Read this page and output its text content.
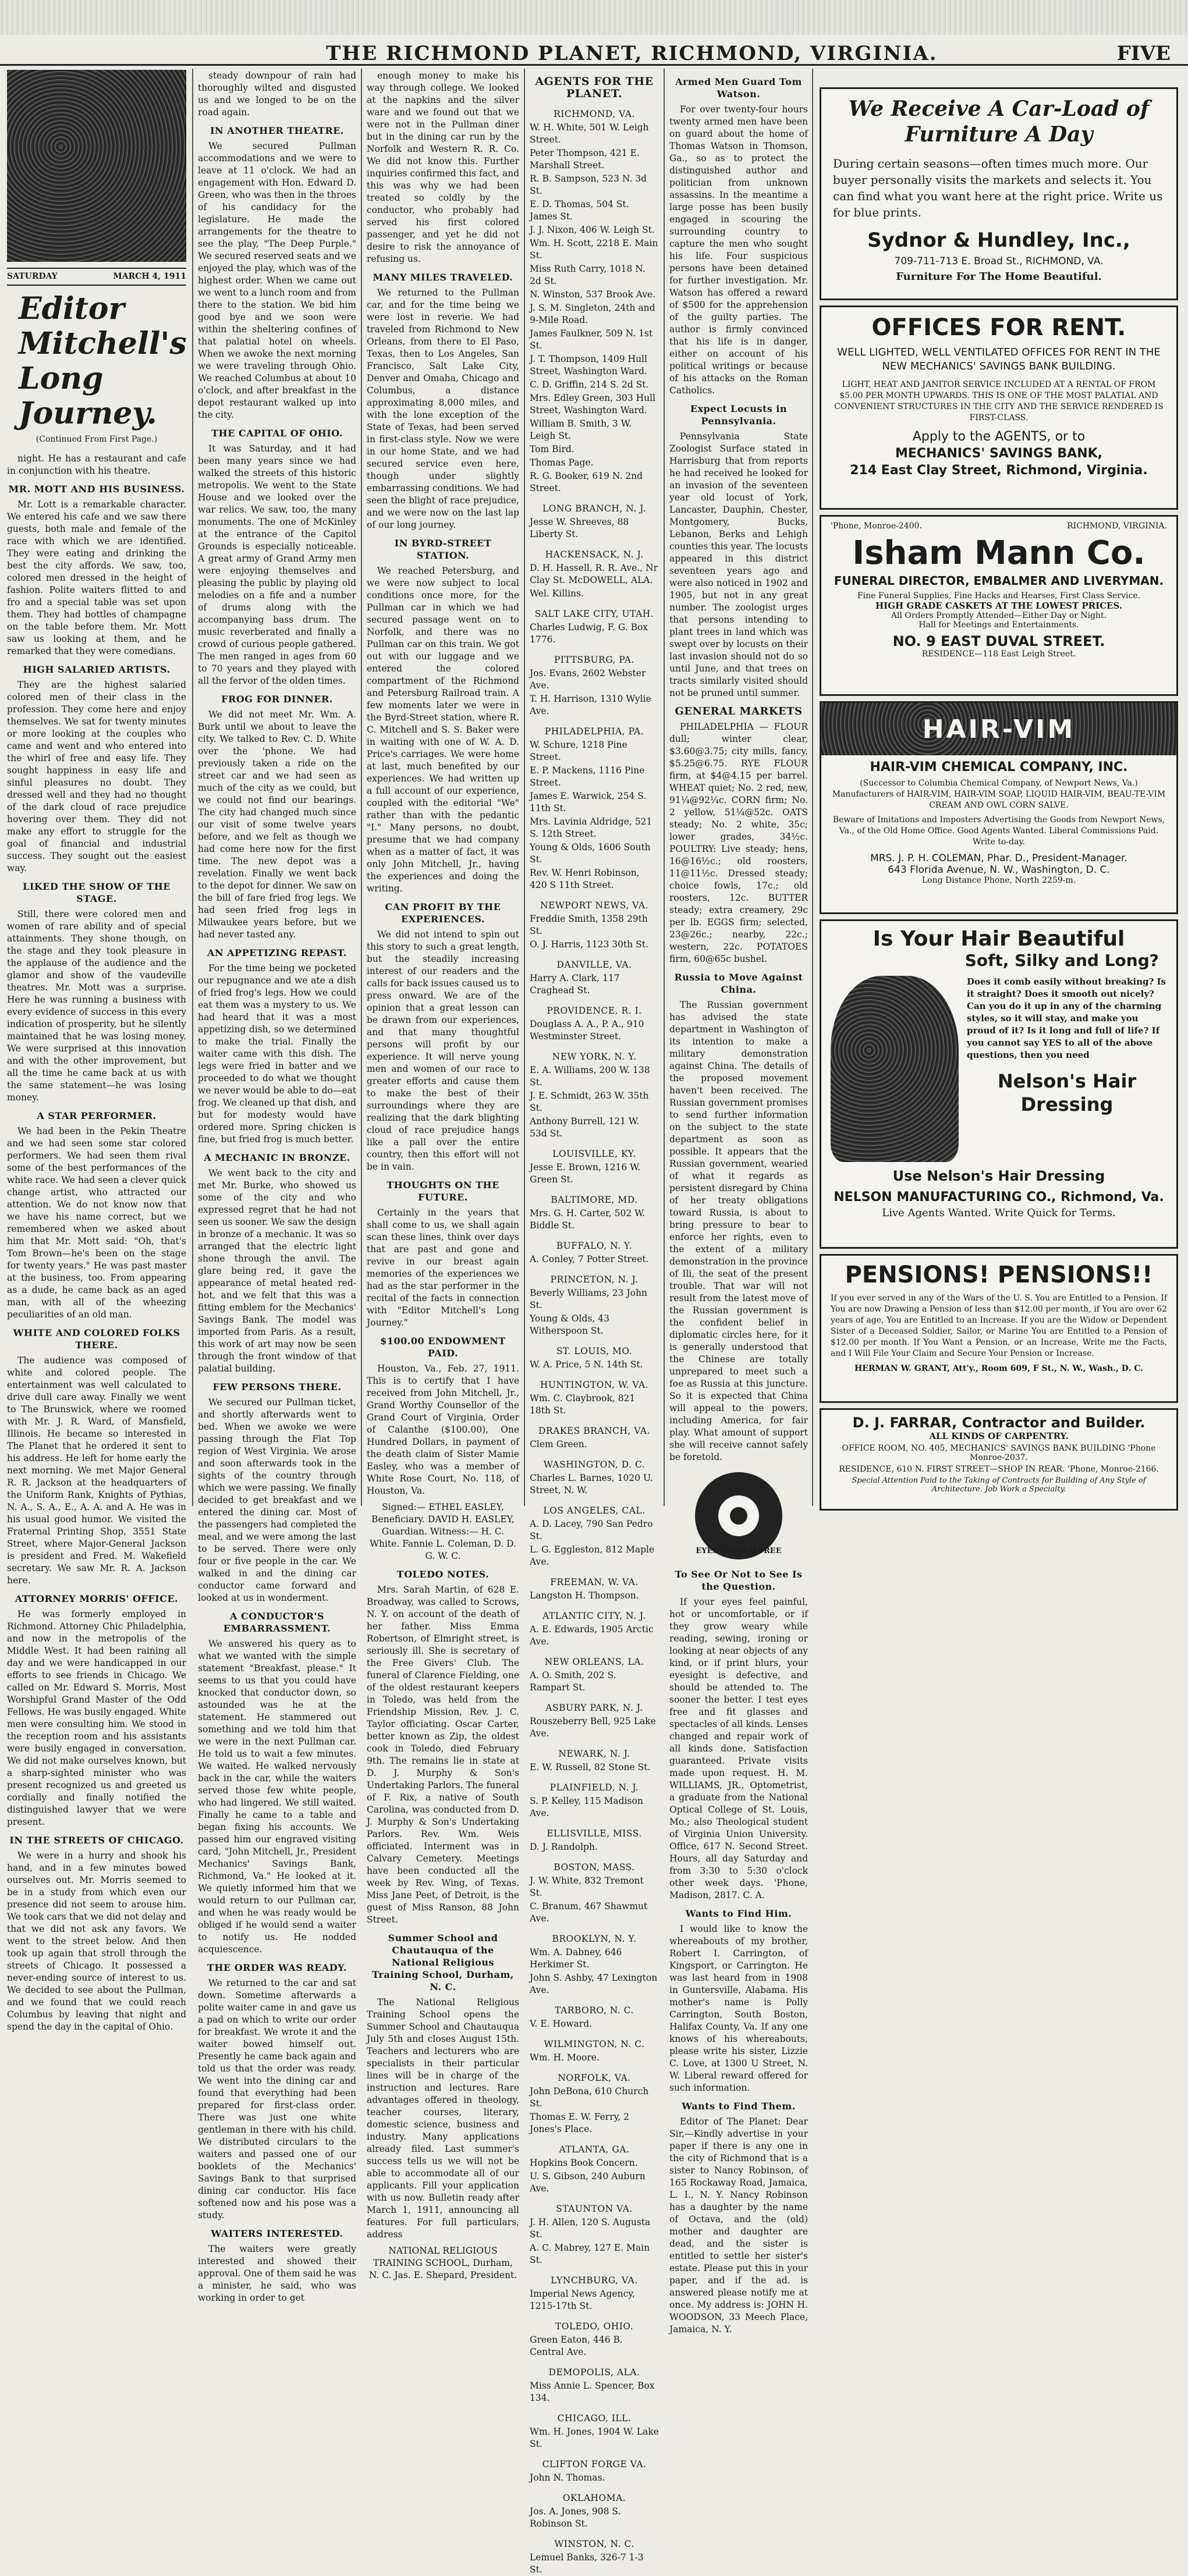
THE RICHMOND PLANET, RICHMOND, VIRGINIA.	FIVE
SATURDAY	MARCH 4, 1911
Editor Mitchell's Long Journey.
(Continued From First Page.)

night. He has a restaurant and cafe in conjunction with his theatre.

MR. MOTT AND HIS BUSINESS.

Mr. Lott is a remarkable character. We entered his cafe and we saw there guests, both male and female of the race with which we are identified. They were eating and drinking the best the city affords. We saw, too, colored men dressed in the height of fashion. Polite waiters flitted to and fro and a special table was set upon them. They had bottles of champagne on the table before them. Mr. Mott saw us looking at them, and he remarked that they were comedians.

HIGH SALARIED ARTISTS.

They are the highest salaried colored men of their class in the profession. They come here and enjoy themselves. We sat for twenty minutes or more looking at the couples who came and went and who entered into the whirl of free and easy life. They sought happiness in easy life and sinful pleasures no doubt. They dressed well and they had no thought of the dark cloud of race prejudice hovering over them. They did not make any effort to struggle for the goal of financial and industrial success. They sought out the easiest way.

LIKED THE SHOW OF THE STAGE.

Still, there were colored men and women of rare ability and of special attainments. They shone though, on the stage and they took pleasure in the applause of the audience and the glamor and show of the vaudeville theatres. Mr. Mott was a surprise. Here he was running a business with every evidence of success in this every indication of prosperity, but he silently maintained that he was losing money. We were surprised at this innovation and with the other improvement, but all the time he came back at us with the same statement—he was losing money.

A STAR PERFORMER.

We had been in the Pekin Theatre and we had seen some star colored performers. We had seen them rival some of the best performances of the white race. We had seen a clever quick change artist, who attracted our attention. We do not know now that we have his name correct, but we remembered when we asked about him that Mr. Mott said: "Oh, that's Tom Brown—he's been on the stage for twenty years." He was past master at the business, too. From appearing as a dude, he came back as an aged man, with all of the wheezing peculiarities of an old man.

WHITE AND COLORED FOLKS THERE.

The audience was composed of white and colored people. The entertainment was well calculated to drive dull care away. Finally we went to The Brunswick, where we roomed with Mr. J. R. Ward, of Mansfield, Illinois. He became so interested in The Planet that he ordered it sent to his address. He left for home early the next morning. We met Major General R. R. Jackson at the headquarters of the Uniform Rank, Knights of Pythias, N. A., S. A., E., A. A. and A. He was in his usual good humor. We visited the Fraternal Printing Shop, 3551 State Street, where Major-General Jackson is president and Fred. M. Wakefield secretary. We saw Mr. R. A. Jackson here.

ATTORNEY MORRIS' OFFICE.

He was formerly employed in Richmond. Attorney Chic Philadelphia, and now in the metropolis of the Middle West. It had been raining all day and we were handicapped in our efforts to see friends in Chicago. We called on Mr. Edward S. Morris, Most Worshipful Grand Master of the Odd Fellows. He was busily engaged. White men were consulting him. We stood in the reception room and his assistants were busily engaged in conversation. We did not make ourselves known, but a sharp-sighted minister who was present recognized us and greeted us cordially and finally notified the distinguished lawyer that we were present.

IN THE STREETS OF CHICAGO.

We were in a hurry and shook his hand, and in a few minutes bowed ourselves out. Mr. Morris seemed to be in a study from which even our presence did not seem to arouse him. We took cars that we did not delay and that we did not ask any favors. We went to the street below. And then took up again that stroll through the streets of Chicago. It possessed a never-ending source of interest to us. We decided to see about the Pullman, and we found that we could reach Columbus by leaving that night and spend the day in the capital of Ohio.

steady downpour of rain had thoroughly wilted and disgusted us and we longed to be on the road again.

IN ANOTHER THEATRE.

We secured Pullman accommodations and we were to leave at 11 o'clock. We had an engagement with Hon. Edward D. Green, who was then in the throes of his candidacy for the legislature. He made the arrangements for the theatre to see the play, "The Deep Purple." We secured reserved seats and we enjoyed the play, which was of the highest order. When we came out we went to a lunch room and from there to the station. We bid him good bye and we soon were within the sheltering confines of that palatial hotel on wheels. When we awoke the next morning we were traveling through Ohio. We reached Columbus at about 10 o'clock, and after breakfast in the depot restaurant walked up into the city.

THE CAPITAL OF OHIO.

It was Saturday, and it had been many years since we had walked the streets of this historic metropolis. We went to the State House and we looked over the war relics. We saw, too, the many monuments. The one of McKinley at the entrance of the Capitol Grounds is especially noticeable. A great army of Grand Army men were enjoying themselves and pleasing the public by playing old melodies on a fife and a number of drums along with the accompanying bass drum. The music reverberated and finally a crowd of curious people gathered. The men ranged in ages from 60 to 70 years and they played with all the fervor of the olden times.

FROG FOR DINNER.

We did not meet Mr. Wm. A. Burk until we about to leave the city. We talked to Rev. C. D. White over the 'phone. We had previously taken a ride on the street car and we had seen as much of the city as we could, but we could not find our bearings. The city had changed much since our visit of some twelve years before, and we felt as though we had come here now for the first time. The new depot was a revelation. Finally we went back to the depot for dinner. We saw on the bill of fare fried frog legs. We had seen fried frog legs in Milwaukee years before, but we had never tasted any.

AN APPETIZING REPAST.

For the time being we pocketed our repugnance and we ate a dish of fried frog's legs. How we could eat them was a mystery to us. We had heard that it was a most appetizing dish, so we determined to make the trial. Finally the waiter came with this dish. The legs were fried in batter and we proceeded to do what we thought we never would be able to do—eat frog. We cleaned up that dish, and but for modesty would have ordered more. Spring chicken is fine, but fried frog is much better.

A MECHANIC IN BRONZE.

We went back to the city and met Mr. Burke, who showed us some of the city and who expressed regret that he had not seen us sooner. We saw the design in bronze of a mechanic. It was so arranged that the electric light shone through the anvil. The glare being red, it gave the appearance of metal heated red-hot, and we felt that this was a fitting emblem for the Mechanics' Savings Bank. The model was imported from Paris. As a result, this work of art may now be seen through the front window of that palatial building.

FEW PERSONS THERE.

We secured our Pullman ticket, and shortly afterwards went to bed. When we awoke we were passing through the Flat Top region of West Virginia. We arose and soon afterwards took in the sights of the country through which we were passing. We finally decided to get breakfast and we entered the dining car. Most of the passengers had completed the meal, and we were among the last to be served. There were only four or five people in the car. We walked in and the dining car conductor came forward and looked at us in wonderment.

A CONDUCTOR'S EMBARRASSMENT.

We answered his query as to what we wanted with the simple statement "Breakfast, please." It seems to us that you could have knocked that conductor down, so astounded was he at the statement. He stammered out something and we told him that we were in the next Pullman car. He told us to wait a few minutes. We waited. He walked nervously back in the car, while the waiters served those few white people, who had lingered. We still waited. Finally he came to a table and began fixing his accounts. We passed him our engraved visiting card, "John Mitchell, Jr., President Mechanics' Savings Bank, Richmond, Va." He looked at it. We quietly informed him that we would return to our Pullman car, and when he was ready would be obliged if he would send a waiter to notify us. He nodded acquiescence.

THE ORDER WAS READY.

We returned to the car and sat down. Sometime afterwards a polite waiter came in and gave us a pad on which to write our order for breakfast. We wrote it and the waiter bowed himself out. Presently he came back again and told us that the order was ready. We went into the dining car and found that everything had been prepared for first-class order. There was just one white gentleman in there with his child. We distributed circulars to the waiters and passed one of our booklets of the Mechanics' Savings Bank to that surprised dining car conductor. His face softened now and his pose was a study.

WAITERS INTERESTED.

The waiters were greatly interested and showed their approval. One of them said he was a minister, he said, who was working in order to get

enough money to make his way through college. We looked at the napkins and the silver ware and we found out that we were not in the Pullman diner but in the dining car run by the Norfolk and Western R. R. Co. We did not know this. Further inquiries confirmed this fact, and this was why we had been treated so coldly by the conductor, who probably had served his first colored passenger, and yet he did not desire to risk the annoyance of refusing us.

MANY MILES TRAVELED.

We returned to the Pullman car, and for the time being we were lost in reverie. We had traveled from Richmond to New Orleans, from there to El Paso, Texas, then to Los Angeles, San Francisco, Salt Lake City, Denver and Omaha, Chicago and Columbus, a distance approximating 8,000 miles, and with the lone exception of the State of Texas, had been served in first-class style. Now we were in our home State, and we had secured service even here, though under slightly embarrassing conditions. We had seen the blight of race prejudice, and we were now on the last lap of our long journey.

IN BYRD-STREET STATION.

We reached Petersburg, and we were now subject to local conditions once more, for the Pullman car in which we had secured passage went on to Norfolk, and there was no Pullman car on this train. We got out with our luggage and we entered the colored compartment of the Richmond and Petersburg Railroad train. A few moments later we were in the Byrd-Street station, where R. C. Mitchell and S. S. Baker were in waiting with one of W. A. D. Price's carriages. We were home at last, much benefited by our experiences. We had written up a full account of our experience, coupled with the editorial "We" rather than with the pedantic "I." Many persons, no doubt, presume that we had company when as a matter of fact, it was only John Mitchell, Jr., having the experiences and doing the writing.

CAN PROFIT BY THE EXPERIENCES.

We did not intend to spin out this story to such a great length, but the steadily increasing interest of our readers and the calls for back issues caused us to press onward. We are of the opinion that a great lesson can be drawn from our experiences, and that many thoughtful persons will profit by our experience. It will nerve young men and women of our race to greater efforts and cause them to make the best of their surroundings where they are realizing that the dark blighting cloud of race prejudice hangs like a pall over the entire country, then this effort will not be in vain.

THOUGHTS ON THE FUTURE.

Certainly in the years that shall come to us, we shall again scan these lines, think over days that are past and gone and revive in our breast again memories of the experiences we had as the star performer in the recital of the facts in connection with "Editor Mitchell's Long Journey."

$100.00 ENDOWMENT PAID.

Houston, Va., Feb. 27, 1911. This is to certify that I have received from John Mitchell, Jr., Grand Worthy Counsellor of the Grand Court of Virginia, Order of Calanthe ($100.00), One Hundred Dollars, in payment of the death claim of Sister Mamie Easley, who was a member of White Rose Court, No. 118, of Houston, Va.

Signed:— ETHEL EASLEY, Beneficiary. DAVID H. EASLEY, Guardian. Witness:— H. C. White. Fannie L. Coleman, D. D. G. W. C.

TOLEDO NOTES.

Mrs. Sarah Martin, of 628 E. Broadway, was called to Scrows, N. Y. on account of the death of her father. Miss Emma Robertson, of Elmright street, is seriously ill. She is secretary of the Free Givers' Club. The funeral of Clarence Fielding, one of the oldest restaurant keepers in Toledo, was held from the Friendship Mission, Rev. J. C. Taylor officiating. Oscar Carter, better known as Zip, the oldest cook in Toledo, died February 9th. The remains lie in state at D. J. Murphy & Son's Undertaking Parlors. The funeral of F. Rix, a native of South Carolina, was conducted from D. J. Murphy & Son's Undertaking Parlors. Rev. Wm. Weis officiated. Interment was in Calvary Cemetery. Meetings have been conducted all the week by Rev. Wing, of Texas. Miss Jane Peet, of Detroit, is the guest of Miss Ranson, 88 John Street.

Summer School and Chautauqua of the National Religious Training School, Durham, N. C.

The National Religious Training School opens the Summer School and Chautauqua July 5th and closes August 15th. Teachers and lecturers who are specialists in their particular lines will be in charge of the instruction and lectures. Rare advantages offered in theology, teacher courses, literary, domestic science, business and industry. Many applications already filed. Last summer's success tells us we will not be able to accommodate all of our applicants. Fill your application with us now. Bulletin ready after March 1, 1911, announcing all features. For full particulars, address

NATIONAL RELIGIOUS TRAINING SCHOOL, Durham, N. C. Jas. E. Shepard, President.

AGENTS FOR THE PLANET.
RICHMOND, VA.
W. H. White, 501 W. Leigh Street.
Peter Thompson, 421 E. Marshall Street.
R. B. Sampson, 523 N. 3d St.
E. D. Thomas, 504 St. James St.
J. J. Nixon, 406 W. Leigh St.
Wm. H. Scott, 2218 E. Main St.
Miss Ruth Carry, 1018 N. 2d St.
N. Winston, 537 Brook Ave.
J. S. M. Singleton, 24th and 9-Mile Road.
James Faulkner, 509 N. 1st St.
J. T. Thompson, 1409 Hull Street, Washington Ward.
C. D. Griffin, 214 S. 2d St.
Mrs. Edley Green, 303 Hull Street, Washington Ward.
William B. Smith, 3 W. Leigh St.
Tom Bird.
Thomas Page.
R. G. Booker, 619 N. 2nd Street.
LONG BRANCH, N. J.
Jesse W. Shreeves, 88 Liberty St.
HACKENSACK, N. J.
D. H. Hassell, R. R. Ave., Nr Clay St. McDOWELL, ALA.
Wel. Killins.
SALT LAKE CITY, UTAH.
Charles Ludwig, F. G. Box 1776.
PITTSBURG, PA.
Jos. Evans, 2602 Webster Ave.
T. H. Harrison, 1310 Wylie Ave.
PHILADELPHIA, PA.
W. Schure, 1218 Pine Street.
E. P. Mackens, 1116 Pine Street.
James E. Warwick, 254 S. 11th St.
Mrs. Lavinia Aldridge, 521 S. 12th Street.
Young & Olds, 1606 South St.
Rev. W. Henri Robinson, 420 S 11th Street.
NEWPORT NEWS, VA.
Freddie Smith, 1358 29th St.
O. J. Harris, 1123 30th St.
DANVILLE, VA.
Harry A. Clark, 117 Craghead St.
PROVIDENCE, R. I.
Douglass A. A., P. A., 910 Westminster Street.
NEW YORK, N. Y.
E. A. Williams, 200 W. 138 St.
J. E. Schmidt, 263 W. 35th St.
Anthony Burrell, 121 W. 53d St.
LOUISVILLE, KY.
Jesse E. Brown, 1216 W. Green St.
BALTIMORE, MD.
Mrs. G. H. Carter, 502 W. Biddle St.
BUFFALO, N. Y.
A. Conley, 7 Potter Street.
PRINCETON, N. J.
Beverly Williams, 23 John St.
Young & Olds, 43 Witherspoon St.
ST. LOUIS, MO.
W. A. Price, 5 N. 14th St.
HUNTINGTON, W. VA.
Wm. C. Claybrook, 821 18th St.
DRAKES BRANCH, VA.
Clem Green.
WASHINGTON, D. C.
Charles L. Barnes, 1020 U. Street, N. W.
LOS ANGELES, CAL.
A. D. Lacey, 790 San Pedro St.
L. G. Eggleston, 812 Maple Ave.
FREEMAN, W. VA.
Langston H. Thompson.
ATLANTIC CITY, N. J.
A. E. Edwards, 1905 Arctic Ave.
NEW ORLEANS, LA.
A. O. Smith, 202 S. Rampart St.
ASBURY PARK, N. J.
Rouszeberry Bell, 925 Lake Ave.
NEWARK, N. J.
E. W. Russell, 82 Stone St.
PLAINFIELD, N. J.
S. P. Kelley, 115 Madison Ave.
ELLISVILLE, MISS.
D. J. Randolph.
BOSTON, MASS.
J. W. White, 832 Tremont St.
C. Branum, 467 Shawmut Ave.
BROOKLYN, N. Y.
Wm. A. Dabney, 646 Herkimer St.
John S. Ashby, 47 Lexington Ave.
TARBORO, N. C.
V. E. Howard.
WILMINGTON, N. C.
Wm. H. Moore.
NORFOLK, VA.
John DeBona, 610 Church St.
Thomas E. W. Ferry, 2 Jones's Place.
ATLANTA, GA.
Hopkins Book Concern.
U. S. Gibson, 240 Auburn Ave.
STAUNTON VA.
J. H. Allen, 120 S. Augusta St.
A. C. Mabrey, 127 E. Main St.
LYNCHBURG, VA.
Imperial News Agency, 1215-17th St.
TOLEDO, OHIO.
Green Eaton, 446 B. Central Ave.
DEMOPOLIS, ALA.
Miss Annie L. Spencer, Box 134.
CHICAGO, ILL.
Wm. H. Jones, 1904 W. Lake St.
CLIFTON FORGE VA.
John N. Thomas.
OKLAHOMA.
Jos. A. Jones, 908 S. Robinson St.
WINSTON, N. C.
Lemuel Banks, 326-7 1-3 St.
Armed Men Guard Tom Watson.

For over twenty-four hours twenty armed men have been on guard about the home of Thomas Watson in Thomson, Ga., so as to protect the distinguished author and politician from unknown assassins. In the meantime a large posse has been busily engaged in scouring the surrounding country to capture the men who sought his life. Four suspicious persons have been detained for further investigation. Mr. Watson has offered a reward of $500 for the apprehension of the guilty parties. The author is firmly convinced that his life is in danger, either on account of his political writings or because of his attacks on the Roman Catholics.

Expect Locusts in Pennsylvania.

Pennsylvania State Zoologist Surface stated in Harrisburg that from reports he had received he looked for an invasion of the seventeen year old locust of York, Lancaster, Dauphin, Chester, Montgomery, Bucks, Lebanon, Berks and Lehigh counties this year. The locusts appeared in this district seventeen years ago and were also noticed in 1902 and 1905, but not in any great number. The zoologist urges that persons intending to plant trees in land which was swept over by locusts on their last invasion should not do so until June, and that trees on tracts similarly visited should not be pruned until summer.

GENERAL MARKETS

PHILADELPHIA — FLOUR dull; winter clear, $3.60@3.75; city mills, fancy, $5.25@6.75. RYE FLOUR firm, at $4@4.15 per barrel. WHEAT quiet; No. 2 red, new, 91¼@92¼c. CORN firm; No. 2 yellow, 51¼@52c. OATS steady; No. 2 white, 35c; lower grades, 34½c. POULTRY: Live steady; hens, 16@16½c.; old roosters, 11@11½c. Dressed steady; choice fowls, 17c.; old roosters, 12c. BUTTER steady; extra creamery, 29c per lb. EGGS firm; selected, 23@26c.; nearby, 22c.; western, 22c. POTATOES firm, 60@65c bushel.

Russia to Move Against China.

The Russian government has advised the state department in Washington of its intention to make a military demonstration against China. The details of the proposed movement haven't been received. The Russian government promises to send further information on the subject to the state department as soon as possible. It appears that the Russian government, wearied of what it regards as persistent disregard by China of her treaty obligations toward Russia, is about to bring pressure to bear to enforce her rights, even to the extent of a military demonstration in the province of Ili, the seat of the present trouble. That war will not result from the latest move of the Russian government is the confident belief in diplomatic circles here, for it is generally understood that the Chinese are totally unprepared to meet such a foe as Russia at this juncture. So it is expected that China will appeal to the powers, including America, for fair play. What amount of support she will receive cannot safely be foretold.

EYES TESTED FREE
To See Or Not to See Is the Question.

If your eyes feel painful, hot or uncomfortable, or if they grow weary while reading, sewing, ironing or looking at near objects of any kind, or if print blurs, your eyesight is defective, and should be attended to. The sooner the better. I test eyes free and fit glasses and spectacles of all kinds. Lenses changed and repair work of all kinds done. Satisfaction guaranteed. Private visits made upon request. H. M. WILLIAMS, JR., Optometrist, a graduate from the National Optical College of St. Louis, Mo.; also Theological student of Virginia Union University. Office, 617 N. Second Street. Hours, all day Saturday and from 3:30 to 5:30 o'clock other week days. 'Phone, Madison, 2817. C. A.

Wants to Find Him.

I would like to know the whereabouts of my brother, Robert I. Carrington, of Kingsport, or Carrington. He was last heard from in 1908 in Guntersville, Alabama. His mother's name is Polly Carrington, South Boston, Halifax County, Va. If any one knows of his whereabouts, please write his sister, Lizzie C. Love, at 1300 U Street, N. W. Liberal reward offered for such information.

Wants to Find Them.

Editor of The Planet: Dear Sir,—Kindly advertise in your paper if there is any one in the city of Richmond that is a sister to Nancy Robinson, of 165 Rockaway Road, Jamaica, L. I., N. Y. Nancy Robinson has a daughter by the name of Octava, and the (old) mother and daughter are dead, and the sister is entitled to settle her sister's estate. Please put this in your paper, and if the ad. is answered please notify me at once. My address is: JOHN H. WOODSON, 33 Meech Place, Jamaica, N. Y.

We Receive A Car-Load of Furniture A Day
During certain seasons—often times much more. Our buyer personally visits the markets and selects it. You can find what you want here at the right price. Write us for blue prints.
Sydnor & Hundley, Inc.,
709-711-713 E. Broad St., RICHMOND, VA.
Furniture For The Home Beautiful.
OFFICES FOR RENT.
WELL LIGHTED, WELL VENTILATED OFFICES FOR RENT IN THE NEW MECHANICS' SAVINGS BANK BUILDING.
LIGHT, HEAT AND JANITOR SERVICE INCLUDED AT A RENTAL OF FROM $5.00 PER MONTH UPWARDS. THIS IS ONE OF THE MOST PALATIAL AND CONVENIENT STRUCTURES IN THE CITY AND THE SERVICE RENDERED IS FIRST-CLASS.
Apply to the AGENTS, or to
MECHANICS' SAVINGS BANK,
214 East Clay Street, Richmond, Virginia.
'Phone, Monroe-2400.	RICHMOND, VIRGINIA.
Isham Mann Co.
FUNERAL DIRECTOR, EMBALMER AND LIVERYMAN.
Fine Funeral Supplies, Fine Hacks and Hearses, First Class Service.
HIGH GRADE CASKETS AT THE LOWEST PRICES.
All Orders Promptly Attended—Either Day or Night.
Hall for Meetings and Entertainments.
NO. 9 EAST DUVAL STREET.
RESIDENCE—118 East Leigh Street.
HAIR-VIM
HAIR-VIM CHEMICAL COMPANY, INC.
(Successor to Columbia Chemical Company, of Newport News, Va.) Manufacturers of HAIR-VIM, HAIR-VIM SOAP, LIQUID HAIR-VIM, BEAU-TE-VIM CREAM AND OWL CORN SALVE.
Beware of Imitations and Imposters Advertising the Goods from Newport News, Va., of the Old Home Office. Good Agents Wanted. Liberal Commissions Paid. Write to-day.
MRS. J. P. H. COLEMAN, Phar. D., President-Manager.
643 Florida Avenue, N. W., Washington, D. C.
Long Distance Phone, North 2259-m.
Is Your Hair Beautiful
Soft, Silky and Long?
Does it comb easily without breaking? Is it straight? Does it smooth out nicely? Can you do it up in any of the charming styles, so it will stay, and make you proud of it? Is it long and full of life? If you cannot say YES to all of the above questions, then you need
Nelson's Hair Dressing
Use Nelson's Hair Dressing
NELSON MANUFACTURING CO., Richmond, Va.
Live Agents Wanted. Write Quick for Terms.
PENSIONS! PENSIONS!!
If you ever served in any of the Wars of the U. S. You are Entitled to a Pension. If You are now Drawing a Pension of less than $12.00 per month, if You are over 62 years of age, You are Entitled to an Increase. If you are the Widow or Dependent Sister of a Deceased Soldier, Sailor, or Marine You are Entitled to a Pension of $12.00 per month. If You Want a Pension, or an Increase, Write me the Facts, and I Will File Your Claim and Secure Your Pension or Increase.
HERMAN W. GRANT, Att'y., Room 609, F St., N. W., Wash., D. C.
D. J. FARRAR, Contractor and Builder.
ALL KINDS OF CARPENTRY.
OFFICE ROOM, NO. 405, MECHANICS' SAVINGS BANK BUILDING 'Phone Monroe-2037.
RESIDENCE, 610 N. FIRST STREET—SHOP IN REAR. 'Phone, Monroe-2166.
Special Attention Paid to the Taking of Contracts for Building of Any Style of Architecture. Job Work a Specialty.
